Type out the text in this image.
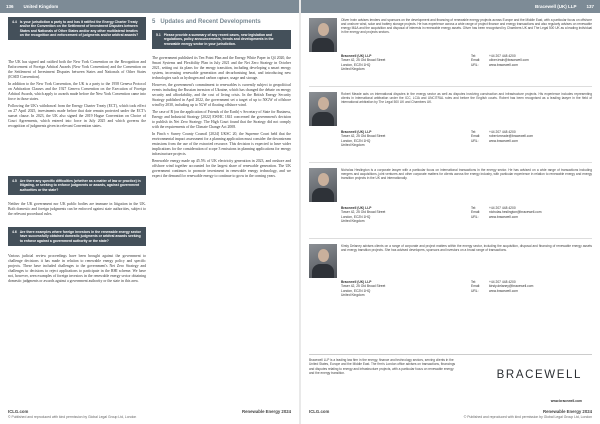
136	United Kingdom
4.4 Is your jurisdiction a party to and has it ratified the Energy Charter Treaty and/or the Convention on the Settlement of Investment Disputes between States and Nationals of Other States and/or any other multilateral treaties on the recognition and enforcement of judgments and/or arbitral awards?

The UK has signed and ratified both the New York Convention on the Recognition and Enforcement of Foreign Arbitral Awards (New York Convention) and the Convention on the Settlement of Investment Disputes between States and Nationals of Other States (ICSID Convention).

In addition to the New York Convention, the UK is a party to the 1958 Geneva Protocol on Arbitration Clauses and the 1927 Geneva Convention on the Execution of Foreign Arbitral Awards, which apply to awards made before the New York Convention came into force in those states.

Following the UK's withdrawal from the Energy Charter Treaty (ECT), which took effect on 27 April 2025, investments made before that date remain protected under the ECT's sunset clause. In 2023, the UK also signed the 2019 Hague Convention on Choice of Court Agreements, which entered into force in July 2025 and which governs the recognition of judgments given in relevant Convention states.

4.5 Are there any specific difficulties (whether as a matter of law or practice) in litigating, or seeking to enforce judgments or awards, against government authorities or the state?

Neither the UK government nor UK public bodies are immune in litigation in the UK. Both domestic and foreign judgments can be enforced against state authorities, subject to the relevant procedural rules.

4.6 Are there examples where foreign investors in the renewable energy sector have successfully obtained domestic judgments or arbitral awards seeking to enforce against a government authority or the state?

Various judicial review proceedings have been brought against the government to challenge decisions it has made in relation to renewable energy policy and specific projects. These have included challenges to the government's Net Zero Strategy and challenges to decisions to reject applications to participate in the RHI scheme. We have not, however, seen examples of foreign investors in the renewable energy sector obtaining domestic judgments or awards against a government authority or the state in this area.

5 Updates and Recent Developments
5.1 Please provide a summary of any recent cases, new legislation and regulations, policy announcements, trends and developments in the renewable energy sector in your jurisdiction.

The government published its Ten Point Plan and the Energy White Paper in Q4 2020, the Smart Systems and Flexibility Plan in July 2021 and the Net Zero Strategy in October 2021, setting out its plans for the energy transition, including developing a smart energy system, increasing renewable generation and decarbonising heat, and introducing new technologies such as hydrogen and carbon capture, usage and storage.

However, the government's commitment to renewables is currently subject to geopolitical events including the Russian invasion of Ukraine, which has changed the debate on energy security and affordability, and the cost of living crisis. In the British Energy Security Strategy published in April 2022, the government set a target of up to 50GW of offshore wind by 2030, including up to 5GW of floating offshore wind.

The case of R (on the application of Friends of the Earth) v Secretary of State for Business, Energy and Industrial Strategy [2022] EWHC 1841 concerned the government's decision to publish its Net Zero Strategy. The High Court found that the Strategy did not comply with the requirements of the Climate Change Act 2008.

In Finch v Surrey County Council [2024] UKSC 20, the Supreme Court held that the environmental impact assessment for a planning application must consider the downstream emissions from the use of the extracted resource. This decision is expected to have wider implications for the consideration of scope 3 emissions in planning applications for energy infrastructure projects.

Renewable energy made up 45.5% of UK electricity generation in 2023, and onshore and offshore wind together accounted for the largest share of renewable generation. The UK government continues to promote investment in renewable energy technology, and we expect the demand for renewable energy to continue to grow in the coming years.

ICLG.com	Renewable Energy 2024
© Published and reproduced with kind permission by Global Legal Group Ltd, London
Bracewell (UK) LLP	137
Oliver Irwin advises lenders and sponsors on the development and financing of renewable energy projects across Europe and the Middle East, with a particular focus on offshore and onshore wind, solar and battery storage projects. He has experience across a wide range of project finance and energy transactions and also regularly advises on renewable energy M&A and the acquisition and disposal of interests in renewable energy assets. Oliver has been recognised by Chambers UK and The Legal 500 UK as a leading individual in the energy and projects sectors.
Bracewell (UK) LLP
Tower 42, 25 Old Broad Street
London, EC2N 1HQ
United Kingdom
Tel:	+44 207 448 4200
Email:	oliver.irwin@bracewell.com
URL:	www.bracewell.com
Robert Meade acts on international disputes in the energy sector as well as disputes involving construction and infrastructure projects. His experience includes representing clients in international arbitration under the ICC, LCIA and UNCITRAL rules and before the English courts. Robert has been recognised as a leading lawyer in the field of international arbitration by The Legal 500 UK and Chambers UK.
Bracewell (UK) LLP
Tower 42, 25 Old Broad Street
London, EC2N 1HQ
United Kingdom
Tel:	+44 207 448 4200
Email:	robert.meade@bracewell.com
URL:	www.bracewell.com
Nicholas Heslington is a corporate lawyer with a particular focus on international transactions in the energy sector. He has advised on a wide range of transactions including mergers and acquisitions, joint ventures and other corporate matters for clients across the energy industry, with particular experience in relation to renewable energy and energy transition projects in the UK and internationally.
Bracewell (UK) LLP
Tower 42, 25 Old Broad Street
London, EC2N 1HQ
United Kingdom
Tel:	+44 207 448 4200
Email:	nicholas.heslington@bracewell.com
URL:	www.bracewell.com
Kirsty Delaney advises clients on a range of corporate and project matters within the energy sector, including the acquisition, disposal and financing of renewable energy assets and energy transition projects. She has advised developers, sponsors and investors on a broad range of transactions.
Bracewell (UK) LLP
Tower 42, 25 Old Broad Street
London, EC2N 1HQ
United Kingdom
Tel:	+44 207 448 4200
Email:	kirsty.delaney@bracewell.com
URL:	www.bracewell.com
Bracewell LLP is a leading law firm in the energy, finance and technology sectors, serving clients in the United States, Europe and the Middle East. The firm's London office advises on transactions, financings and disputes relating to energy and infrastructure projects, with a particular focus on renewable energy and the energy transition.	BRACEWELL
www.bracewell.com
ICLG.com	Renewable Energy 2024
© Published and reproduced with kind permission by Global Legal Group Ltd, London
